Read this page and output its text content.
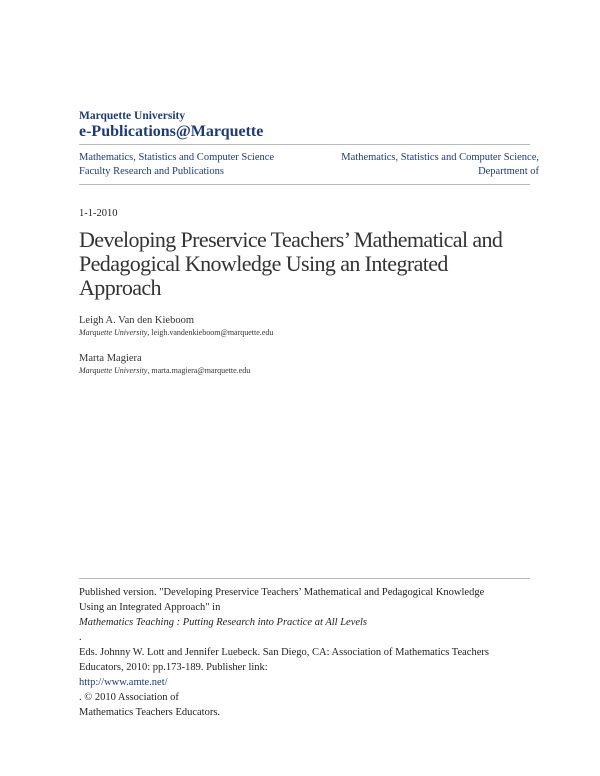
Marquette University
e-Publications@Marquette
Mathematics, Statistics and Computer Science
Faculty Research and Publications
Mathematics, Statistics and Computer Science,
Department of
1-1-2010
Developing Preservice Teachers’ Mathematical and
Pedagogical Knowledge Using an Integrated
Approach
Leigh A. Van den Kieboom
Marquette University, leigh.vandenkieboom@marquette.edu
Marta Magiera
Marquette University, marta.magiera@marquette.edu
Published version. "Developing Preservice Teachers’ Mathematical and Pedagogical Knowledge
Using an Integrated Approach" in
Mathematics Teaching : Putting Research into Practice at All Levels
.
Eds. Johnny W. Lott and Jennifer Luebeck. San Diego, CA: Association of Mathematics Teachers
Educators, 2010: pp.173-189. Publisher link:
http://www.amte.net/
. © 2010 Association of
Mathematics Teachers Educators.
